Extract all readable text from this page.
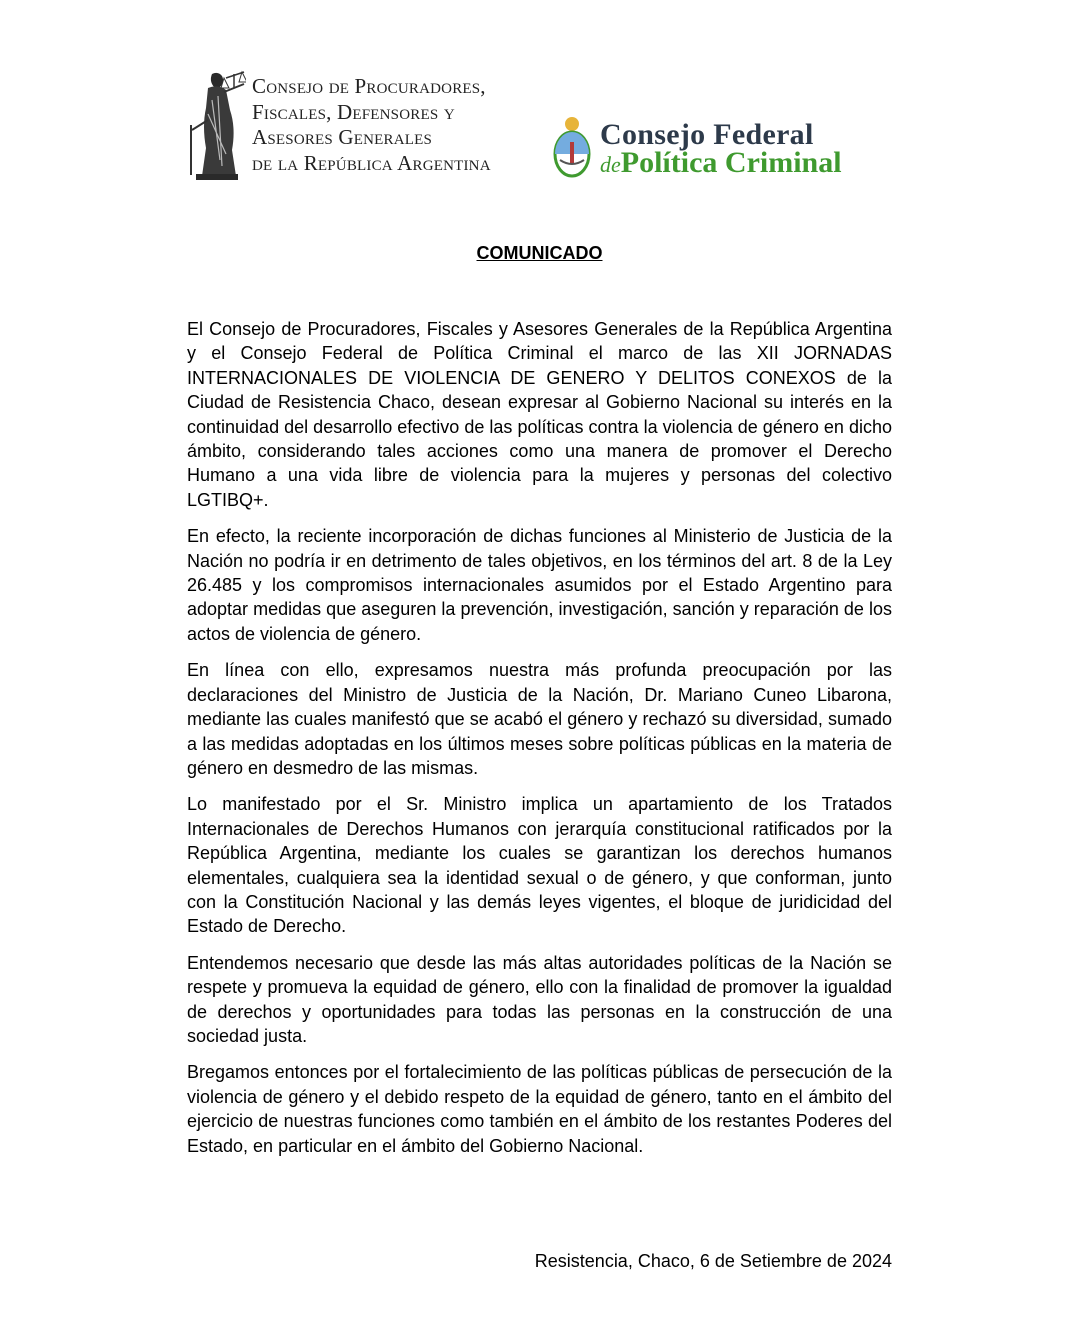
Consejo de Procuradores,
Fiscales, Defensores y
Asesores Generales
de la República Argentina
Consejo Federal
dePolítica Criminal
COMUNICADO

El Consejo de Procuradores, Fiscales y Asesores Generales de la República Argentina y el Consejo Federal de Política Criminal el marco de las XII JORNADAS INTERNACIONALES DE VIOLENCIA DE GENERO Y DELITOS CONEXOS de la Ciudad de Resistencia Chaco, desean expresar al Gobierno Nacional su interés en la continuidad del desarrollo efectivo de las políticas contra la violencia de género en dicho ámbito, considerando tales acciones como una manera de promover el Derecho Humano a una vida libre de violencia para la mujeres y personas del colectivo LGTIBQ+.

En efecto, la reciente incorporación de dichas funciones al Ministerio de Justicia de la Nación no podría ir en detrimento de tales objetivos, en los términos del art. 8 de la Ley 26.485 y los compromisos internacionales asumidos por el Estado Argentino para adoptar medidas que aseguren la prevención, investigación, sanción y reparación de los actos de violencia de género.

En línea con ello, expresamos nuestra más profunda preocupación por las declaraciones del Ministro de Justicia de la Nación, Dr. Mariano Cuneo Libarona, mediante las cuales manifestó que se acabó el género y rechazó su diversidad, sumado a las medidas adoptadas en los últimos meses sobre políticas públicas en la materia de género en desmedro de las mismas.

Lo manifestado por el Sr. Ministro implica un apartamiento de los Tratados Internacionales de Derechos Humanos con jerarquía constitucional ratificados por la República Argentina, mediante los cuales se garantizan los derechos humanos elementales, cualquiera sea la identidad sexual o de género, y que conforman, junto con la Constitución Nacional y las demás leyes vigentes, el bloque de juridicidad del Estado de Derecho.

Entendemos necesario que desde las más altas autoridades políticas de la Nación se respete y promueva la equidad de género, ello con la finalidad de promover la igualdad de derechos y oportunidades para todas las personas en la construcción de una sociedad justa.

Bregamos entonces por el fortalecimiento de las políticas públicas de persecución de la violencia de género y el debido respeto de la equidad de género, tanto en el ámbito del ejercicio de nuestras funciones como también en el ámbito de los restantes Poderes del Estado, en particular en el ámbito del Gobierno Nacional.

Resistencia, Chaco, 6 de Setiembre de 2024
